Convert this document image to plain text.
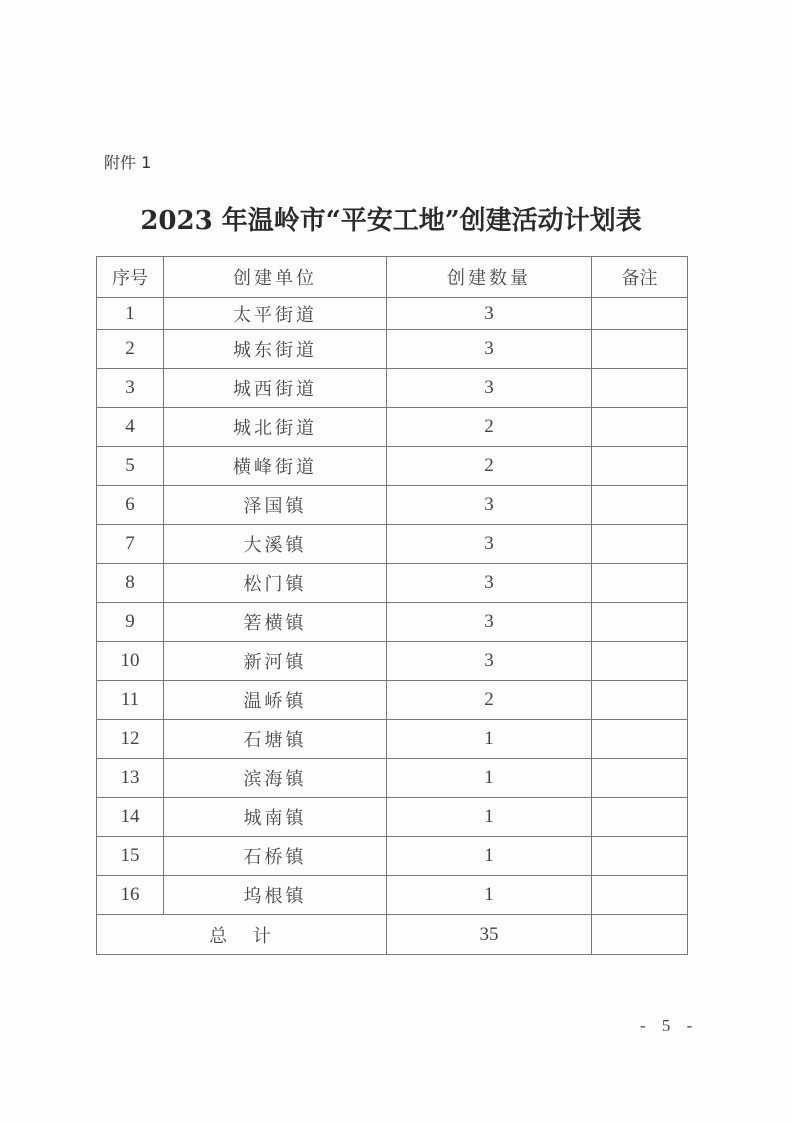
附件 1
2023 年温岭市“平安工地”创建活动计划表
序号	创建单位	创建数量	备注
1	太平街道	3	
2	城东街道	3	
3	城西街道	3	
4	城北街道	2	
5	横峰街道	2	
6	泽国镇	3	
7	大溪镇	3	
8	松门镇	3	
9	箬横镇	3	
10	新河镇	3	
11	温峤镇	2	
12	石塘镇	1	
13	滨海镇	1	
14	城南镇	1	
15	石桥镇	1	
16	坞根镇	1	
总 计		35	
- 5 -
